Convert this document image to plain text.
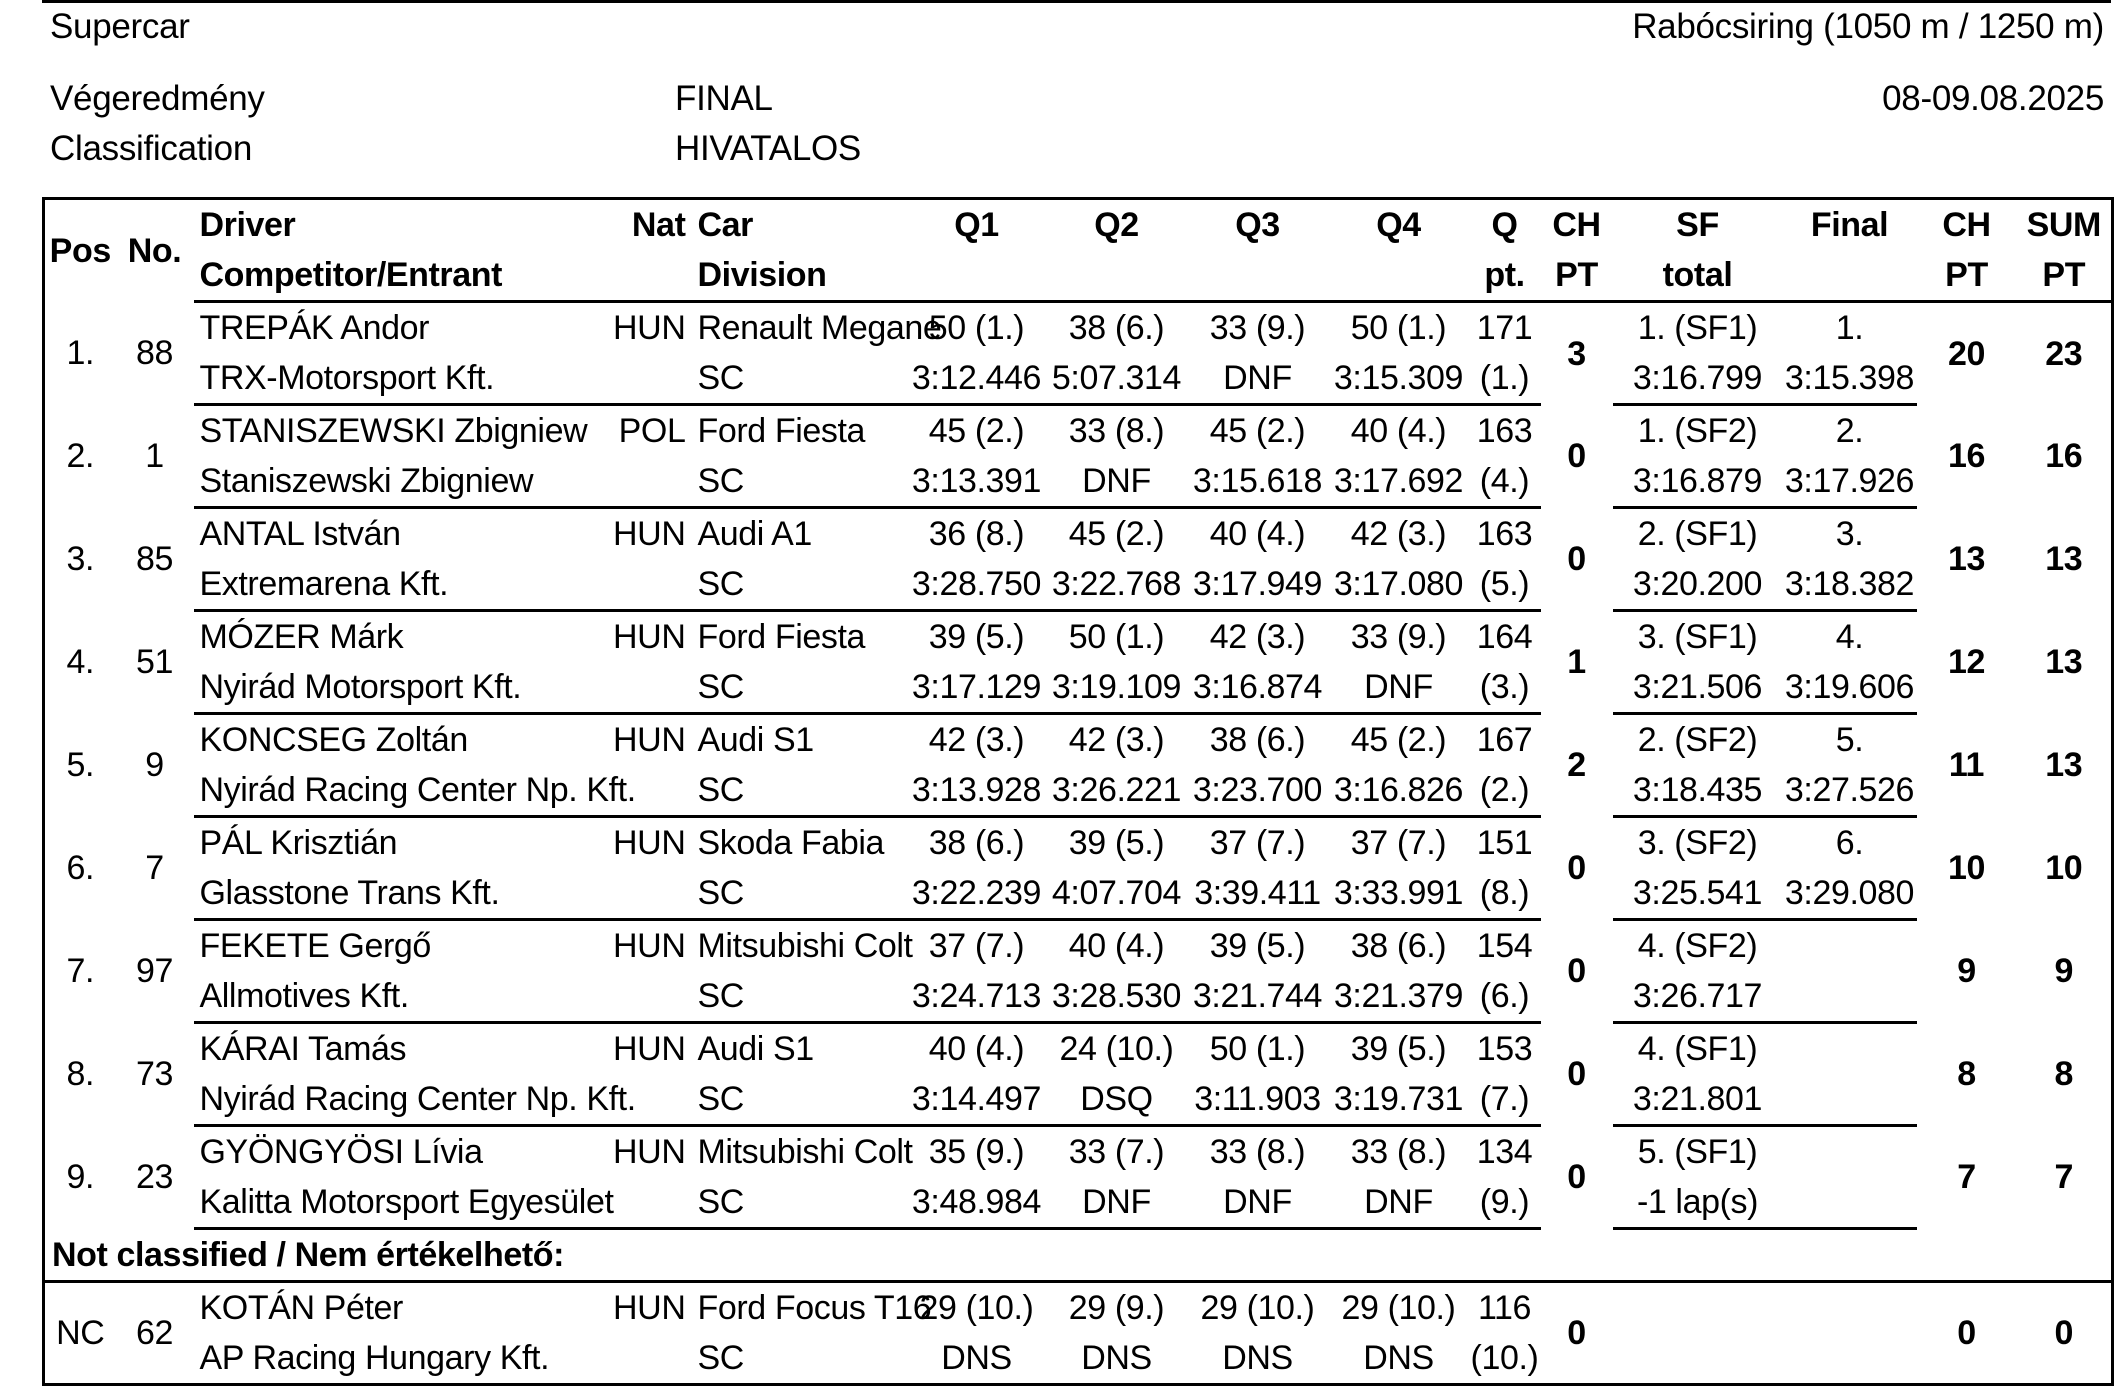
Supercar	Rabócsiring (1050 m / 1250 m)
Végeredmény
Classification
FINAL
HIVATALOS
08-09.08.2025
Pos	No.	Driver	Nat	Car	Q1	Q2	Q3	Q4	Q	CH	SF	Final	CH	SUM
		Competitor/Entrant		Division					pt.	PT	total		PT	PT
1.	88	TREPÁK Andor	HUN	Renault Megane	50 (1.)	38 (6.)	33 (9.)	50 (1.)	171	3	1. (SF1)	1.	20	23
		TRX-Motorsport Kft.		SC	3:12.446	5:07.314	DNF	3:15.309	(1.)		3:16.799	3:15.398		
2.	1	STANISZEWSKI Zbigniew	POL	Ford Fiesta	45 (2.)	33 (8.)	45 (2.)	40 (4.)	163	0	1. (SF2)	2.	16	16
		Staniszewski Zbigniew		SC	3:13.391	DNF	3:15.618	3:17.692	(4.)		3:16.879	3:17.926		
3.	85	ANTAL István	HUN	Audi A1	36 (8.)	45 (2.)	40 (4.)	42 (3.)	163	0	2. (SF1)	3.	13	13
		Extremarena Kft.		SC	3:28.750	3:22.768	3:17.949	3:17.080	(5.)		3:20.200	3:18.382		
4.	51	MÓZER Márk	HUN	Ford Fiesta	39 (5.)	50 (1.)	42 (3.)	33 (9.)	164	1	3. (SF1)	4.	12	13
		Nyirád Motorsport Kft.		SC	3:17.129	3:19.109	3:16.874	DNF	(3.)		3:21.506	3:19.606		
5.	9	KONCSEG Zoltán	HUN	Audi S1	42 (3.)	42 (3.)	38 (6.)	45 (2.)	167	2	2. (SF2)	5.	11	13
		Nyirád Racing Center Np. Kft.		SC	3:13.928	3:26.221	3:23.700	3:16.826	(2.)		3:18.435	3:27.526		
6.	7	PÁL Krisztián	HUN	Skoda Fabia	38 (6.)	39 (5.)	37 (7.)	37 (7.)	151	0	3. (SF2)	6.	10	10
		Glasstone Trans Kft.		SC	3:22.239	4:07.704	3:39.411	3:33.991	(8.)		3:25.541	3:29.080		
7.	97	FEKETE Gergő	HUN	Mitsubishi Colt	37 (7.)	40 (4.)	39 (5.)	38 (6.)	154	0	4. (SF2)		9	9
		Allmotives Kft.		SC	3:24.713	3:28.530	3:21.744	3:21.379	(6.)		3:26.717			
8.	73	KÁRAI Tamás	HUN	Audi S1	40 (4.)	24 (10.)	50 (1.)	39 (5.)	153	0	4. (SF1)		8	8
		Nyirád Racing Center Np. Kft.		SC	3:14.497	DSQ	3:11.903	3:19.731	(7.)		3:21.801			
9.	23	GYÖNGYÖSI Lívia	HUN	Mitsubishi Colt	35 (9.)	33 (7.)	33 (8.)	33 (8.)	134	0	5. (SF1)		7	7
		Kalitta Motorsport Egyesület		SC	3:48.984	DNF	DNF	DNF	(9.)		-1 lap(s)			
Not classified / Nem értékelhető:														
NC	62	KOTÁN Péter	HUN	Ford Focus T16	29 (10.)	29 (9.)	29 (10.)	29 (10.)	116	0			0	0
		AP Racing Hungary Kft.		SC	DNS	DNS	DNS	DNS	(10.)					
